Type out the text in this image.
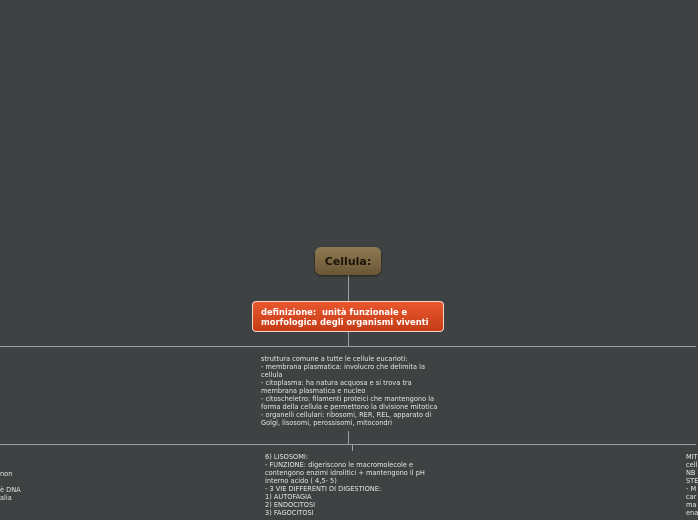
Cellula:
definizione:  unità funzionale e
morfologica degli organismi viventi
struttura comune a tutte le cellule eucarioti:
- membrana plasmatica: involucro che delimita la
cellula
- citoplasma: ha natura acquosa e si trova tra
membrana plasmatica e nucleo
- citoscheletro: filamenti proteici che mantengono la
forma della cellula e permettono la divisione mitotica
- organelli cellulari: ribosomi, RER, REL, apparato di
Golgi, lisosomi, perossisomi, mitocondri
6) LISOSOMI:
- FUNZIONE: digeriscono le macromolecole e
contengono enzimi idrolitici + mantengono il pH
interno acido ( 4,5- 5)
- 3 VIE DIFFERENTI DI DIGESTIONE:
1) AUTOFAGIA
2) ENDOCITOSI
3) FAGOCITOSI
non

è DNA
alia
MIT
cell
NB
STE
- M
car
ma
ena
